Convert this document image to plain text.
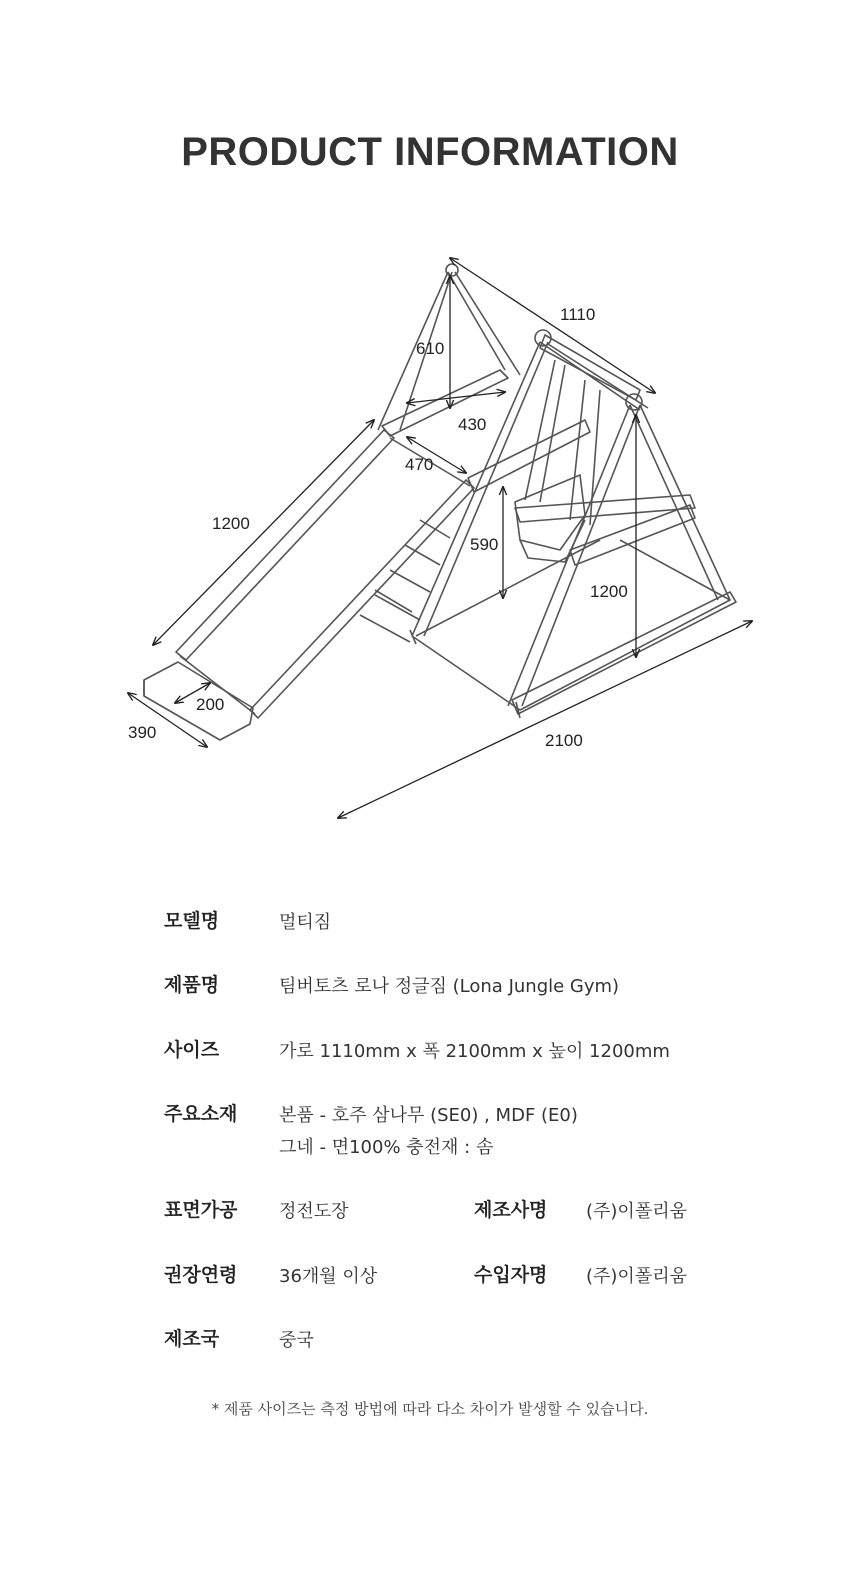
PRODUCT INFORMATION
1110
610
430
470
1200
590
1200
200
390	2100
모델명	멀티짐
제품명	팀버토츠 로나 정글짐 (Lona Jungle Gym)
사이즈	가로 1110mm x 폭 2100mm x 높이 1200mm
주요소재 본품 - 호주 삼나무 (SE0) , MDF (E0)
그네 - 면100% 충전재 : 솜
표면가공 정전도장	제조사명 (주)이폴리움
권장연령 36개월 이상	수입자명 (주)이폴리움
제조국	중국
* 제품 사이즈는 측정 방법에 따라 다소 차이가 발생할 수 있습니다.
